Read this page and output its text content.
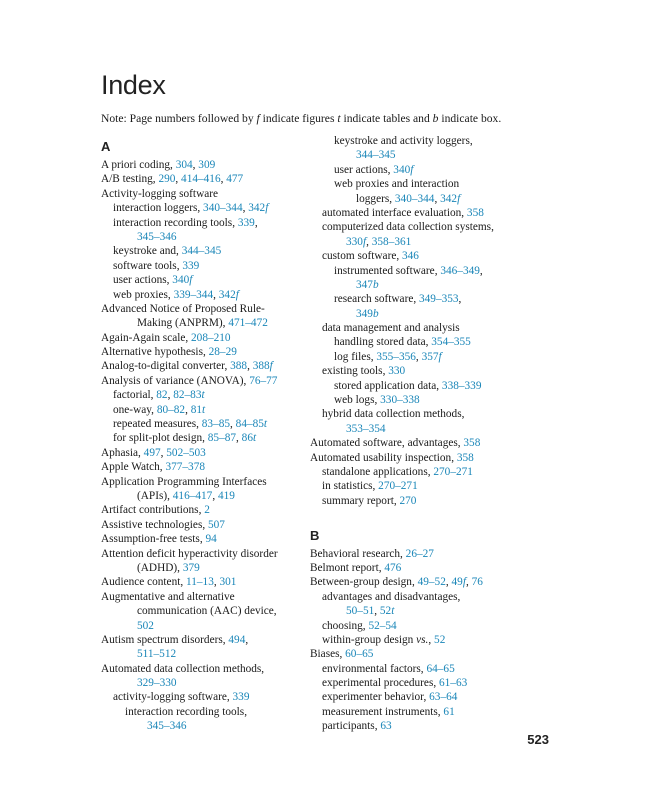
Index
Note: Page numbers followed by f indicate figures t indicate tables and b indicate box.
A
A priori coding, 304, 309
A/B testing, 290, 414–416, 477
Activity-logging software
interaction loggers, 340–344, 342f
interaction recording tools, 339,
345–346
keystroke and, 344–345
software tools, 339
user actions, 340f
web proxies, 339–344, 342f
Advanced Notice of Proposed Rule-
Making (ANPRM), 471–472
Again-Again scale, 208–210
Alternative hypothesis, 28–29
Analog-to-digital converter, 388, 388f
Analysis of variance (ANOVA), 76–77
factorial, 82, 82–83t
one-way, 80–82, 81t
repeated measures, 83–85, 84–85t
for split-plot design, 85–87, 86t
Aphasia, 497, 502–503
Apple Watch, 377–378
Application Programming Interfaces
(APIs), 416–417, 419
Artifact contributions, 2
Assistive technologies, 507
Assumption-free tests, 94
Attention deficit hyperactivity disorder
(ADHD), 379
Audience content, 11–13, 301
Augmentative and alternative
communication (AAC) device,
502
Autism spectrum disorders, 494,
511–512
Automated data collection methods,
329–330
activity-logging software, 339
interaction recording tools,
345–346
keystroke and activity loggers,
344–345
user actions, 340f
web proxies and interaction
loggers, 340–344, 342f
automated interface evaluation, 358
computerized data collection systems,
330f, 358–361
custom software, 346
instrumented software, 346–349,
347b
research software, 349–353,
349b
data management and analysis
handling stored data, 354–355
log files, 355–356, 357f
existing tools, 330
stored application data, 338–339
web logs, 330–338
hybrid data collection methods,
353–354
Automated software, advantages, 358
Automated usability inspection, 358
standalone applications, 270–271
in statistics, 270–271
summary report, 270
B
Behavioral research, 26–27
Belmont report, 476
Between-group design, 49–52, 49f, 76
advantages and disadvantages,
50–51, 52t
choosing, 52–54
within-group design vs., 52
Biases, 60–65
environmental factors, 64–65
experimental procedures, 61–63
experimenter behavior, 63–64
measurement instruments, 61
participants, 63
523
